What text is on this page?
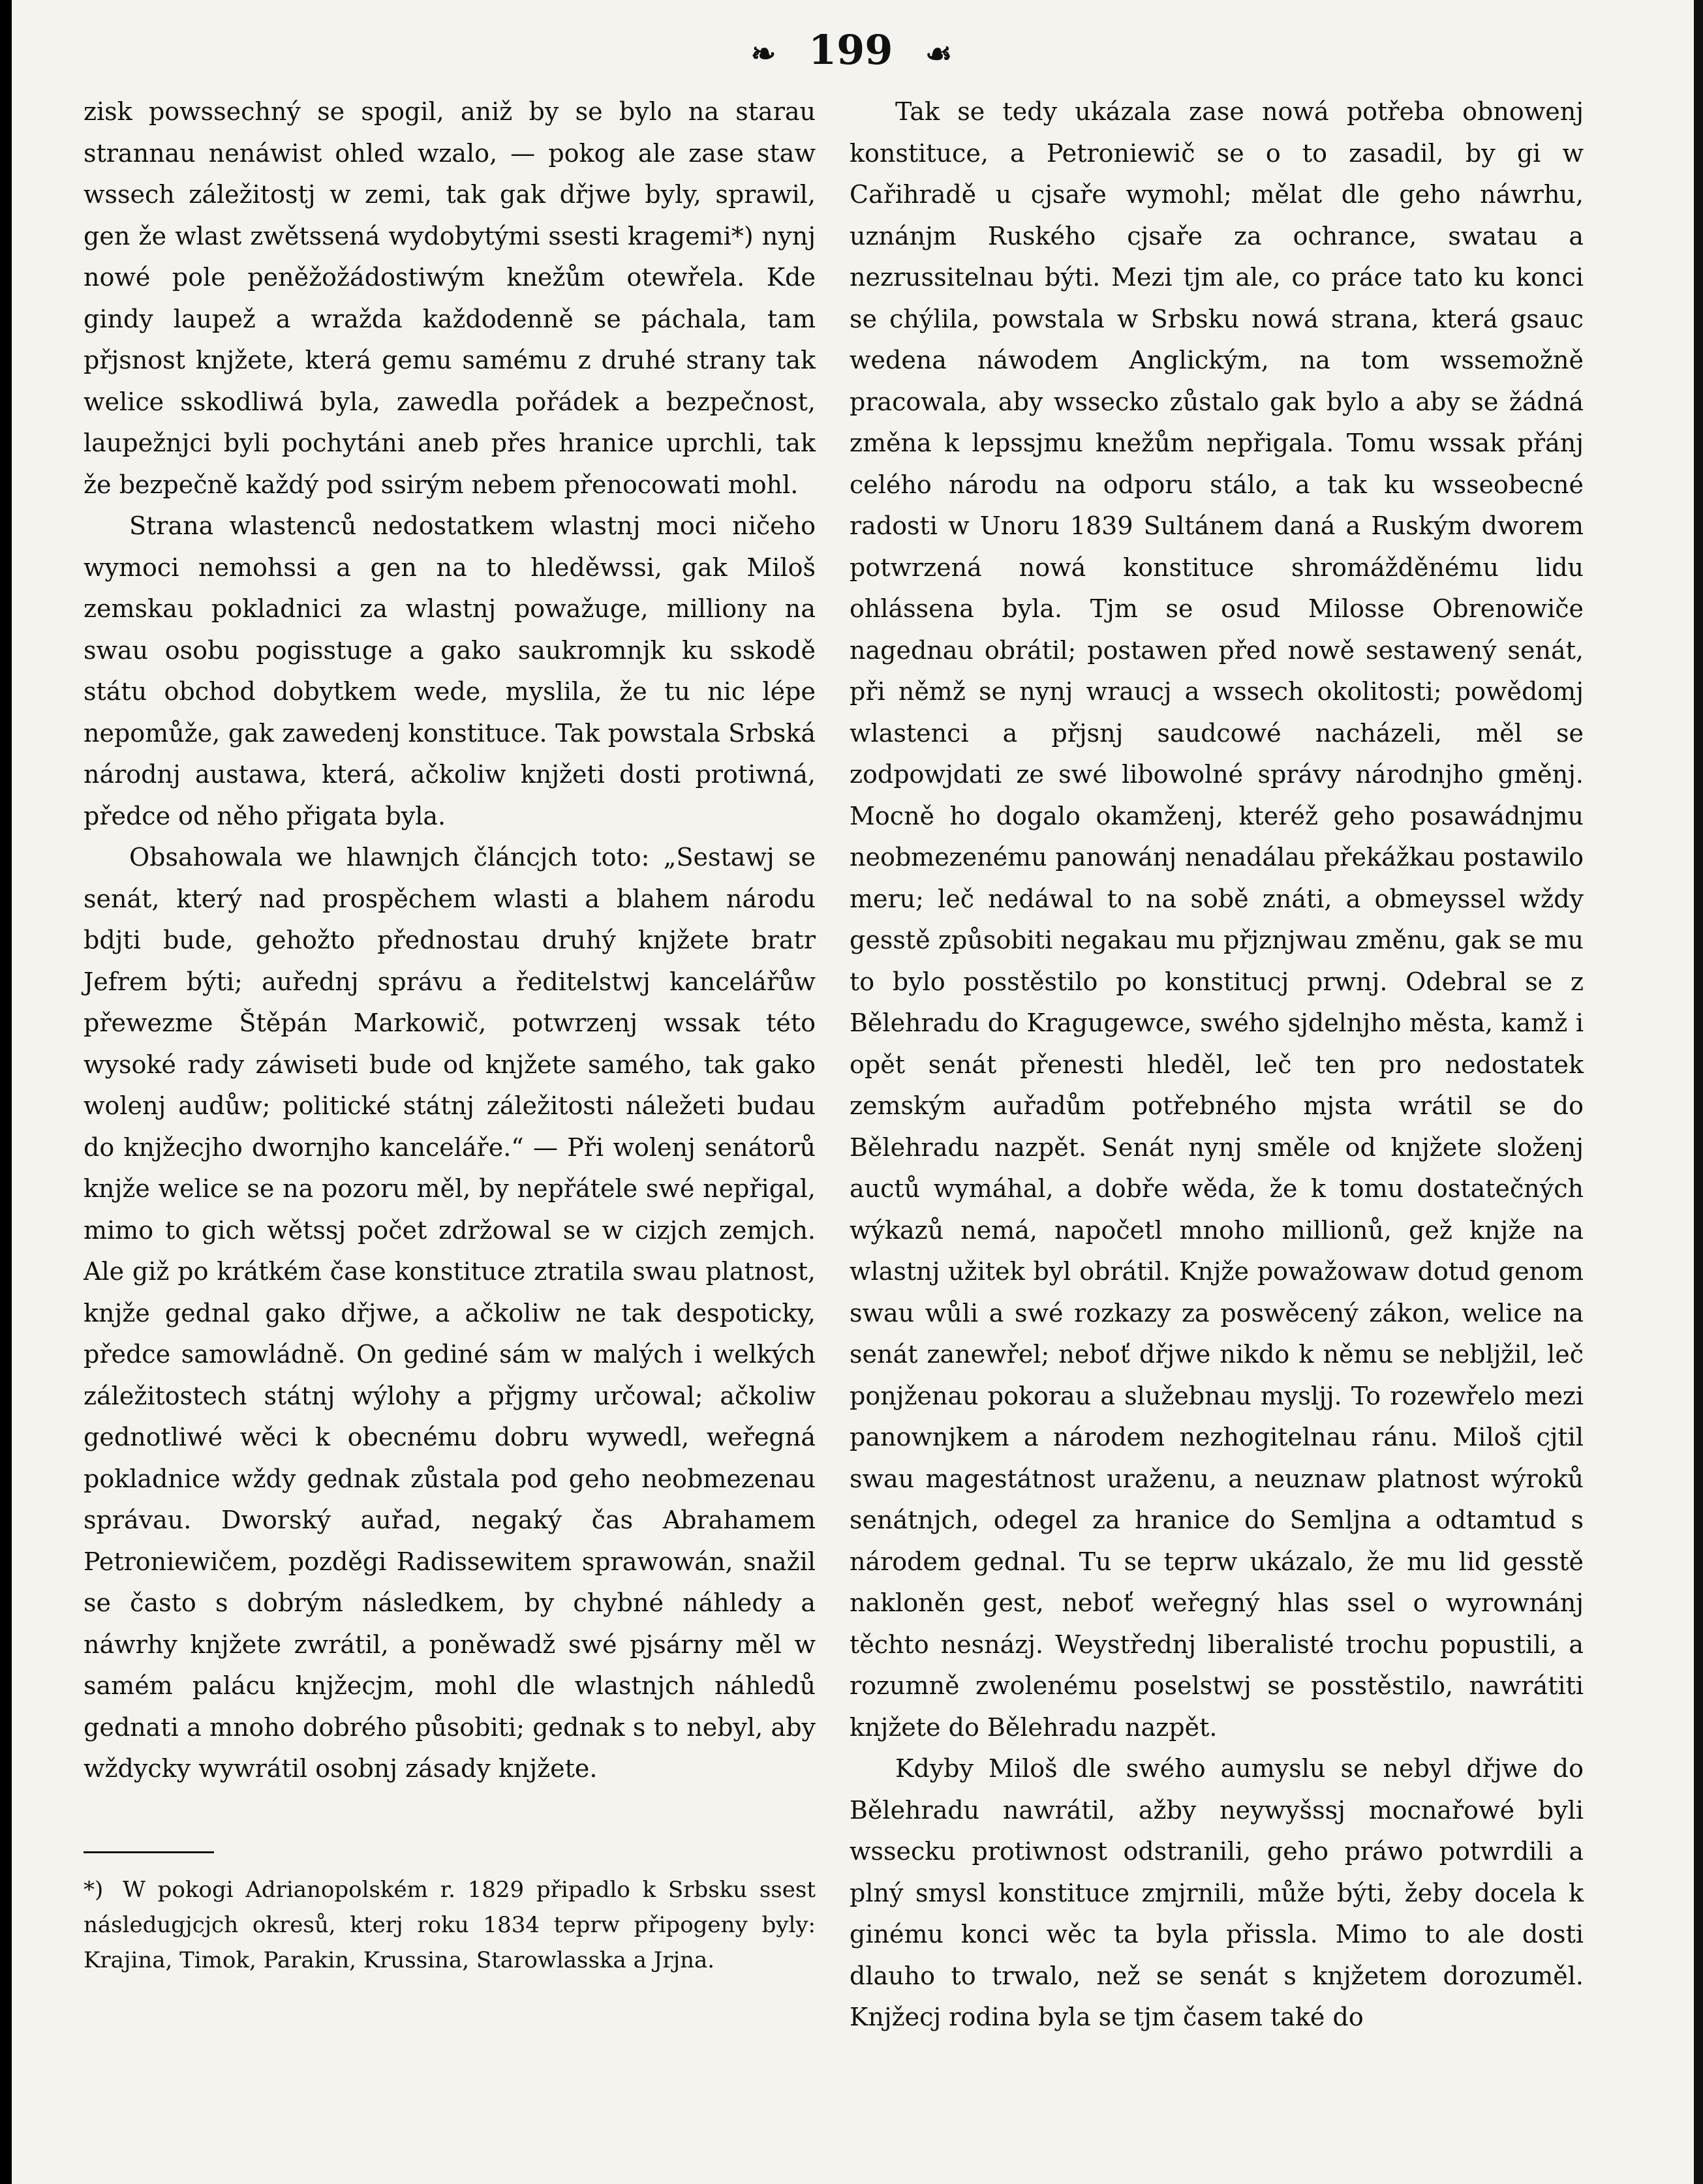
❧ 199 ☙

zisk powssechný se spogil, aniž by se bylo na starau strannau nenáwist ohled wzalo, — pokog ale zase staw wssech záležitostj w zemi, tak gak dřjwe byly, sprawil, gen že wlast zwětssená wydobytými ssesti kragemi*) nynj nowé pole peněžožádostiwým knežům otewřela. Kde gindy laupež a wražda každodenně se páchala, tam přjsnost knjžete, která gemu samému z druhé strany tak welice sskodliwá byla, zawedla pořádek a bezpečnost, laupežnjci byli pochytáni aneb přes hranice uprchli, tak že bezpečně každý pod ssirým nebem přenocowati mohl.

Strana wlastenců nedostatkem wlastnj moci ničeho wymoci nemohssi a gen na to hleděwssi, gak Miloš zemskau pokladnici za wlastnj powažuge, milliony na swau osobu pogisstuge a gako saukromnjk ku sskodě státu obchod dobytkem wede, myslila, že tu nic lépe nepomůže, gak zawedenj konstituce. Tak powstala Srbská národnj austawa, která, ačkoliw knjžeti dosti protiwná, předce od něho přigata byla.

Obsahowala we hlawnjch článcjch toto: „Sestawj se senát, který nad prospěchem wlasti a blahem národu bdjti bude, gehožto přednostau druhý knjžete bratr Jefrem býti; auřednj správu a ředitelstwj kancelářůw přewezme Štěpán Markowič, potwrzenj wssak této wysoké rady záwiseti bude od knjžete samého, tak gako wolenj audůw; politické státnj záležitosti náležeti budau do knjžecjho dwornjho kanceláře.“ — Při wolenj senátorů knjže welice se na pozoru měl, by nepřátele swé nepřigal, mimo to gich wětssj počet zdržowal se w cizjch zemjch. Ale giž po krátkém čase konstituce ztratila swau platnost, knjže gednal gako dřjwe, a ačkoliw ne tak despoticky, předce samowládně. On gediné sám w malých i welkých záležitostech státnj wýlohy a přjgmy určowal; ačkoliw gednotliwé wěci k obecnému dobru wywedl, weřegná pokladnice wždy gednak zůstala pod geho neobmezenau správau. Dworský auřad, negaký čas Abrahamem Petroniewičem, pozděgi Radissewitem sprawowán, snažil se často s dobrým následkem, by chybné náhledy a náwrhy knjžete zwrátil, a poněwadž swé pjsárny měl w samém palácu knjžecjm, mohl dle wlastnjch náhledů gednati a mnoho dobrého působiti; gednak s to nebyl, aby wždycky wywrátil osobnj zásady knjžete.

*) W pokogi Adrianopolském r. 1829 připadlo k Srbsku ssest následugjcjch okresů, kterj roku 1834 teprw připogeny byly: Krajina, Timok, Parakin, Krussina, Starowlasska a Jrjna.

Tak se tedy ukázala zase nowá potřeba obnowenj konstituce, a Petroniewič se o to zasadil, by gi w Cařihradě u cjsaře wymohl; mělat dle geho náwrhu, uznánjm Ruského cjsaře za ochrance, swatau a nezrussitelnau býti. Mezi tjm ale, co práce tato ku konci se chýlila, powstala w Srbsku nowá strana, která gsauc wedena náwodem Anglickým, na tom wssemožně pracowala, aby wssecko zůstalo gak bylo a aby se žádná změna k lepssjmu knežům nepřigala. Tomu wssak přánj celého národu na odporu stálo, a tak ku wsseobecné radosti w Unoru 1839 Sultánem daná a Ruským dworem potwrzená nowá konstituce shromážděnému lidu ohlássena byla. Tjm se osud Milosse Obrenowiče nagednau obrátil; postawen před nowě sestawený senát, při němž se nynj wraucj a wssech okolitosti; powědomj wlastenci a přjsnj saudcowé nacházeli, měl se zodpowjdati ze swé libowolné správy národnjho gměnj. Mocně ho dogalo okamženj, kteréž geho posawádnjmu neobmezenému panowánj nenadálau překážkau postawilo meru; leč nedáwal to na sobě znáti, a obmeyssel wždy gesstě způsobiti negakau mu přjznjwau změnu, gak se mu to bylo posstěstilo po konstitucj prwnj. Odebral se z Bělehradu do Kragugewce, swého sjdelnjho města, kamž i opět senát přenesti hleděl, leč ten pro nedostatek zemským auřadům potřebného mjsta wrátil se do Bělehradu nazpět. Senát nynj směle od knjžete složenj auctů wymáhal, a dobře wěda, že k tomu dostatečných wýkazů nemá, napočetl mnoho millionů, gež knjže na wlastnj užitek byl obrátil. Knjže powažowaw dotud genom swau wůli a swé rozkazy za poswěcený zákon, welice na senát zanewřel; neboť dřjwe nikdo k němu se nebljžil, leč ponjženau pokorau a služebnau mysljj. To rozewřelo mezi panownjkem a národem nezhogitelnau ránu. Miloš cjtil swau magestátnost uraženu, a neuznaw platnost wýroků senátnjch, odegel za hranice do Semljna a odtamtud s národem gednal. Tu se teprw ukázalo, že mu lid gesstě nakloněn gest, neboť weřegný hlas ssel o wyrownánj těchto nesnázj. Weystřednj liberalisté trochu popustili, a rozumně zwolenému poselstwj se posstěstilo, nawrátiti knjžete do Bělehradu nazpět.

Kdyby Miloš dle swého aumyslu se nebyl dřjwe do Bělehradu nawrátil, ažby neywyšssj mocnařowé byli wssecku protiwnost odstranili, geho práwo potwrdili a plný smysl konstituce zmjrnili, může býti, žeby docela k ginému konci wěc ta byla přissla. Mimo to ale dosti dlauho to trwalo, než se senát s knjžetem dorozuměl. Knjžecj rodina byla se tjm časem také do
